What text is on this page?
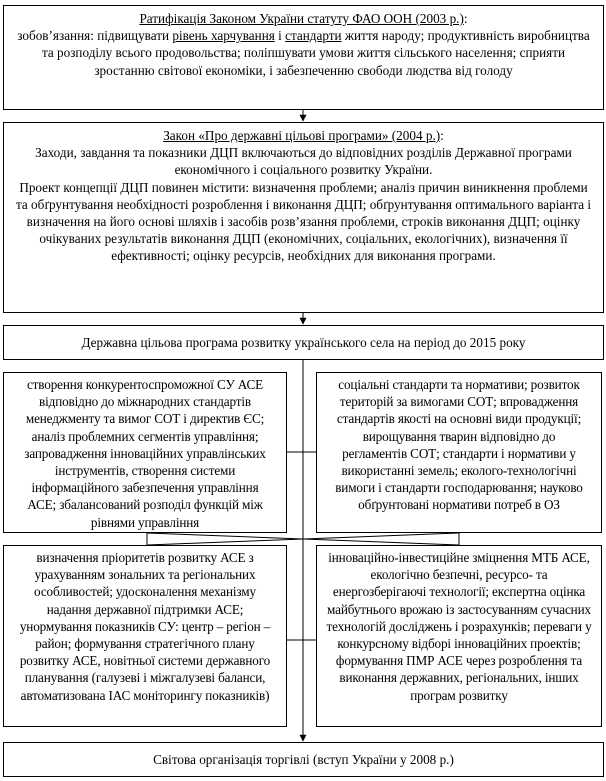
Ратифікація Законом України статуту ФАО ООН (2003 р.):

зобов’язання: підвищувати рівень харчування і стандарти життя народу; продуктивність виробництва та розподілу всього продовольства; поліпшувати умови життя сільського населення; сприяти зростанню світової економіки, і забезпеченню свободи людства від голоду

Закон «Про державні цільові програми» (2004 р.):

Заходи, завдання та показники ДЦП включаються до відповідних розділів Державної програми економічного і соціального розвитку України.

Проект концепції ДЦП повинен містити: визначення проблеми; аналіз причин виникнення проблеми та обґрунтування необхідності розроблення і виконання ДЦП; обґрунтування оптимального варіанта і визначення на його основі шляхів і засобів розв’язання проблеми, строків виконання ДЦП; оцінку очікуваних результатів виконання ДЦП (економічних, соціальних, екологічних), визначення її ефективності; оцінку ресурсів, необхідних для виконання програми.

Державна цільова програма розвитку українського села на період до 2015 року

створення конкурентоспроможної СУ АСЕ відповідно до міжнародних стандартів менеджменту та вимог СОТ і директив ЄС; аналіз проблемних сегментів управління; запровадження інноваційних управлінських інструментів, створення системи інформаційного забезпечення управління АСЕ; збалансований розподіл функцій між рівнями управління

соціальні стандарти та нормативи; розвиток територій за вимогами СОТ; впровадження стандартів якості на основні види продукції; вирощування тварин відповідно до регламентів СОТ; стандарти і нормативи у використанні земель; еколого-технологічні вимоги і стандарти господарювання; науково обґрунтовані нормативи потреб в ОЗ

визначення пріоритетів розвитку АСЕ з урахуванням зональних та регіональних особливостей; удосконалення механізму надання державної підтримки АСЕ; унормування показників СУ: центр – регіон – район; формування стратегічного плану розвитку АСЕ, новітньої системи державного планування (галузеві і міжгалузеві баланси, автоматизована ІАС моніторингу показників)

інноваційно-інвестиційне зміцнення МТБ АСЕ, екологічно безпечні, ресурсо- та енергозберігаючі технології; експертна оцінка майбутнього врожаю із застосуванням сучасних технологій досліджень і розрахунків; переваги у конкурсному відборі інноваційних проектів; формування ПМР АСЕ через розроблення та виконання державних, регіональних, інших програм розвитку

Світова організація торгівлі (вступ України у 2008 р.)
